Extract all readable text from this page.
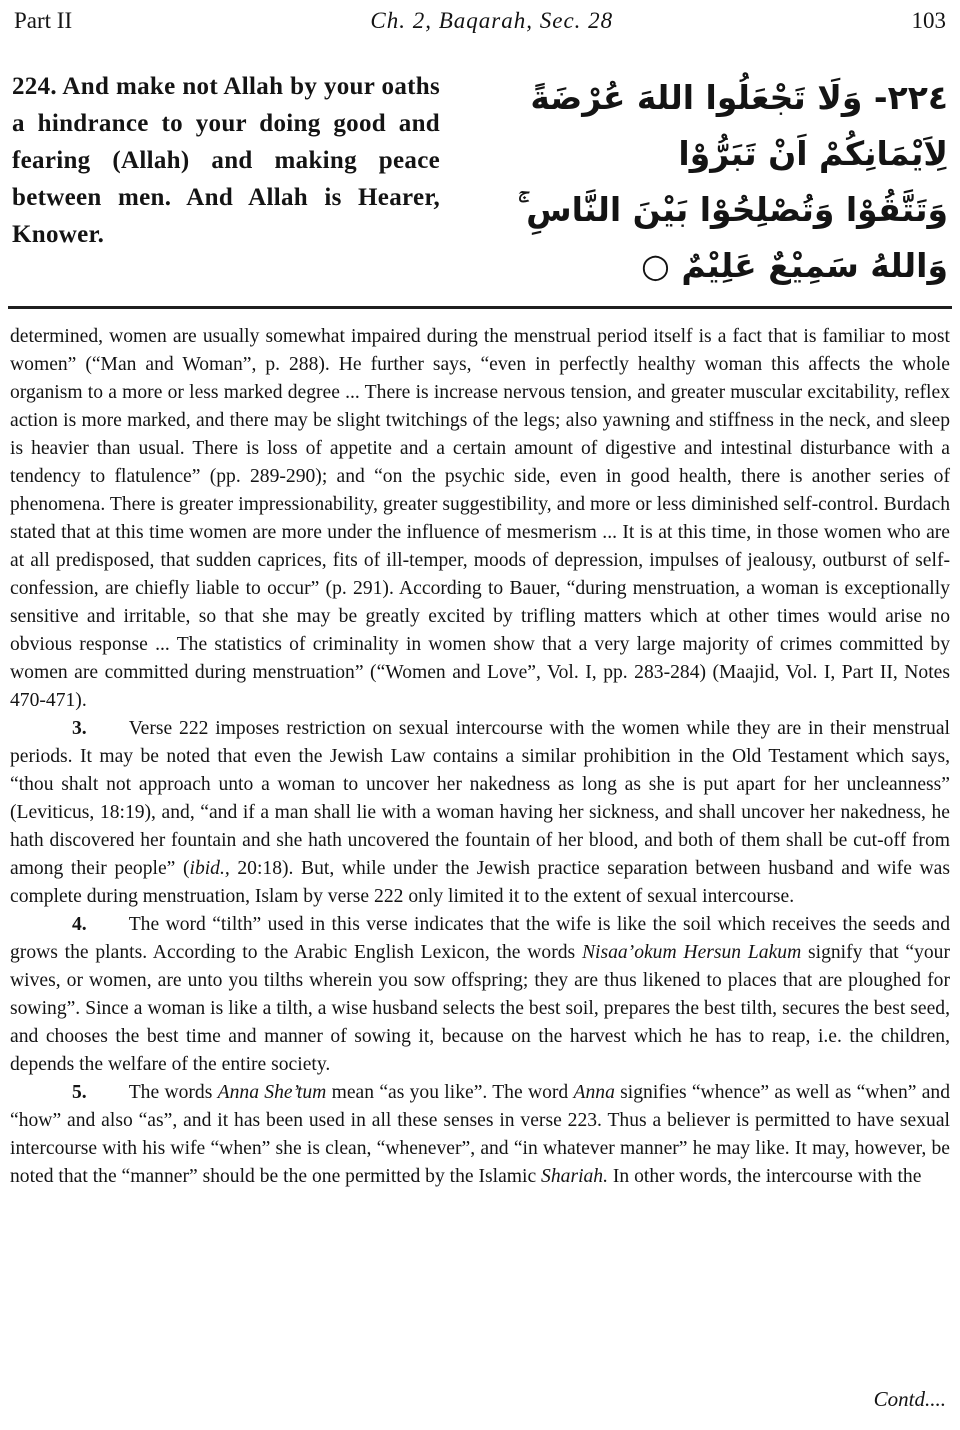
Part II	Ch. 2, Baqarah, Sec. 28	103
224. And make not Allah by your oaths a hindrance to your doing good and fearing (Allah) and making peace between men. And Allah is Hearer, Knower.
٢٢٤- وَلَا تَجْعَلُوا اللهَ عُرْضَةً
لِاَيْمَانِكُمْ اَنْ تَبَرُّوْا
وَتَتَّقُوْا وَتُصْلِحُوْا بَيْنَ النَّاسِ ۚ
وَاللهُ سَمِيْعٌ عَلِيْمٌ ○

determined, women are usually somewhat impaired during the menstrual period itself is a fact that is familiar to most women” (“Man and Woman”, p. 288). He further says, “even in perfectly healthy woman this affects the whole organism to a more or less marked degree ... There is increase nervous tension, and greater muscular excitability, reflex action is more marked, and there may be slight twitchings of the legs; also yawning and stiffness in the neck, and sleep is heavier than usual. There is loss of appetite and a certain amount of digestive and intestinal disturbance with a tendency to flatulence” (pp. 289-290); and “on the psychic side, even in good health, there is another series of phenomena. There is greater impressionability, greater suggestibility, and more or less diminished self-control. Burdach stated that at this time women are more under the influence of mesmerism ... It is at this time, in those women who are at all predisposed, that sudden caprices, fits of ill-temper, moods of depression, impulses of jealousy, outburst of self-confession, are chiefly liable to occur” (p. 291). According to Bauer, “during menstruation, a woman is exceptionally sensitive and irritable, so that she may be greatly excited by trifling matters which at other times would arise no obvious response ... The statistics of criminality in women show that a very large majority of crimes committed by women are committed during menstruation” (“Women and Love”, Vol. I, pp. 283-284) (Maajid, Vol. I, Part II, Notes 470-471).

3. Verse 222 imposes restriction on sexual intercourse with the women while they are in their menstrual periods. It may be noted that even the Jewish Law contains a similar prohibition in the Old Testament which says, “thou shalt not approach unto a woman to uncover her nakedness as long as she is put apart for her uncleanness” (Leviticus, 18:19), and, “and if a man shall lie with a woman having her sickness, and shall uncover her nakedness, he hath discovered her fountain and she hath uncovered the fountain of her blood, and both of them shall be cut-off from among their people” (ibid., 20:18). But, while under the Jewish practice separation between husband and wife was complete during menstruation, Islam by verse 222 only limited it to the extent of sexual intercourse.

4. The word “tilth” used in this verse indicates that the wife is like the soil which receives the seeds and grows the plants. According to the Arabic English Lexicon, the words Nisaa’okum Hersun Lakum signify that “your wives, or women, are unto you tilths wherein you sow offspring; they are thus likened to places that are ploughed for sowing”. Since a woman is like a tilth, a wise husband selects the best soil, prepares the best tilth, secures the best seed, and chooses the best time and manner of sowing it, because on the harvest which he has to reap, i.e. the children, depends the welfare of the entire society.

5. The words Anna She’tum mean “as you like”. The word Anna signifies “whence” as well as “when” and “how” and also “as”, and it has been used in all these senses in verse 223. Thus a believer is permitted to have sexual intercourse with his wife “when” she is clean, “whenever”, and “in whatever manner” he may like. It may, however, be noted that the “manner” should be the one permitted by the Islamic Shariah. In other words, the intercourse with the

Contd....
